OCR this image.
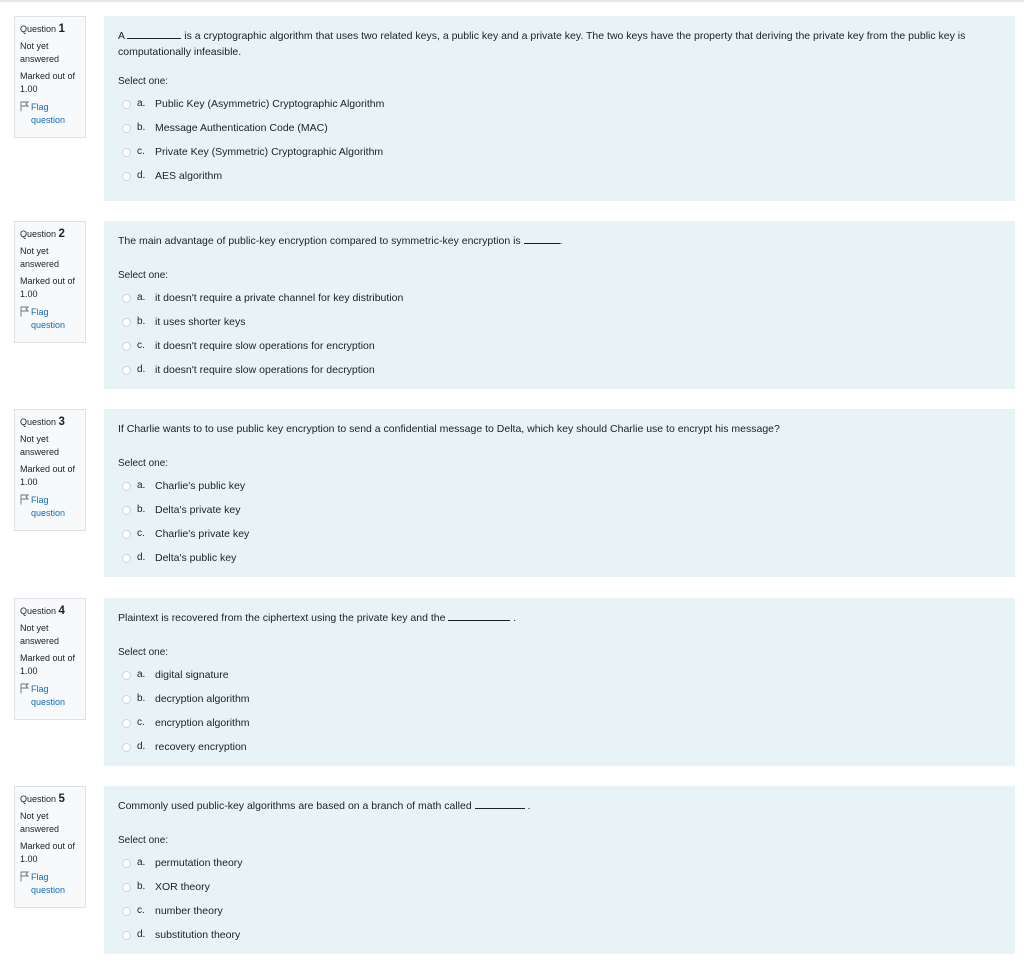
Question 1
Not yet answered
Marked out of 1.00
Flag question
A	is a cryptographic algorithm that uses two related keys, a public key and a private key. The two keys have the property that deriving the private key from the public key is computationally infeasible.
Select one:
a. Public Key (Asymmetric) Cryptographic Algorithm
b. Message Authentication Code (MAC)
c. Private Key (Symmetric) Cryptographic Algorithm
d. AES algorithm
Question 2
Not yet answered
Marked out of 1.00
Flag question
The main advantage of public-key encryption compared to symmetric-key encryption is	.
Select one:
a. it doesn't require a private channel for key distribution
b. it uses shorter keys
c. it doesn't require slow operations for encryption
d. it doesn't require slow operations for decryption
Question 3
Not yet answered
Marked out of 1.00
Flag question
If Charlie wants to to use public key encryption to send a confidential message to Delta, which key should Charlie use to encrypt his message?
Select one:
a. Charlie's public key
b. Delta's private key
c. Charlie's private key
d. Delta's public key
Question 4
Not yet answered
Marked out of 1.00
Flag question
Plaintext is recovered from the ciphertext using the private key and the	.
Select one:
a. digital signature
b. decryption algorithm
c. encryption algorithm
d. recovery encryption
Question 5
Not yet answered
Marked out of 1.00
Flag question
Commonly used public-key algorithms are based on a branch of math called	.
Select one:
a. permutation theory
b. XOR theory
c. number theory
d. substitution theory
